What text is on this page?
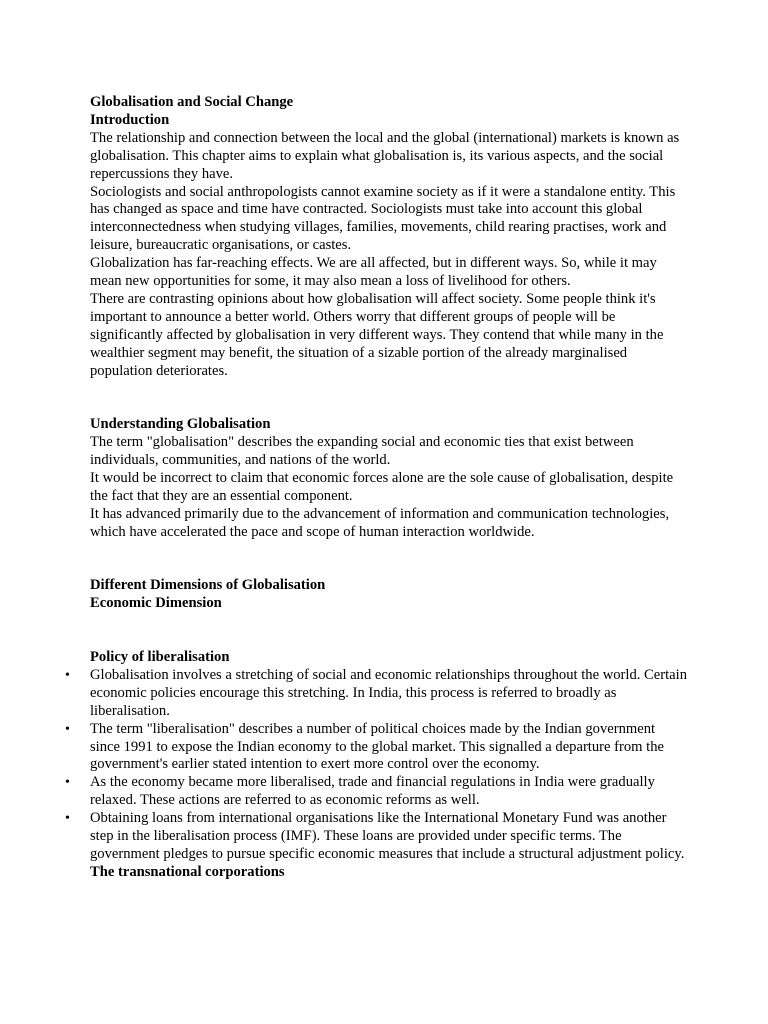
Globalisation and Social Change

Introduction

The relationship and connection between the local and the global (international) markets is known as globalisation. This chapter aims to explain what globalisation is, its various aspects, and the social repercussions they have.

Sociologists and social anthropologists cannot examine society as if it were a standalone entity. This has changed as space and time have contracted. Sociologists must take into account this global interconnectedness when studying villages, families, movements, child rearing practises, work and leisure, bureaucratic organisations, or castes.

Globalization has far-reaching effects. We are all affected, but in different ways. So, while it may mean new opportunities for some, it may also mean a loss of livelihood for others.

There are contrasting opinions about how globalisation will affect society. Some people think it's important to announce a better world. Others worry that different groups of people will be significantly affected by globalisation in very different ways. They contend that while many in the wealthier segment may benefit, the situation of a sizable portion of the already marginalised population deteriorates.

Understanding Globalisation

The term "globalisation" describes the expanding social and economic ties that exist between individuals, communities, and nations of the world.

It would be incorrect to claim that economic forces alone are the sole cause of globalisation, despite the fact that they are an essential component.

It has advanced primarily due to the advancement of information and communication technologies, which have accelerated the pace and scope of human interaction worldwide.

Different Dimensions of Globalisation

Economic Dimension

Policy of liberalisation

• Globalisation involves a stretching of social and economic relationships throughout the world. Certain economic policies encourage this stretching. In India, this process is referred to broadly as liberalisation.
• The term "liberalisation" describes a number of political choices made by the Indian government since 1991 to expose the Indian economy to the global market. This signalled a departure from the government's earlier stated intention to exert more control over the economy.
• As the economy became more liberalised, trade and financial regulations in India were gradually relaxed. These actions are referred to as economic reforms as well.
• Obtaining loans from international organisations like the International Monetary Fund was another step in the liberalisation process (IMF). These loans are provided under specific terms. The government pledges to pursue specific economic measures that include a structural adjustment policy.

The transnational corporations
